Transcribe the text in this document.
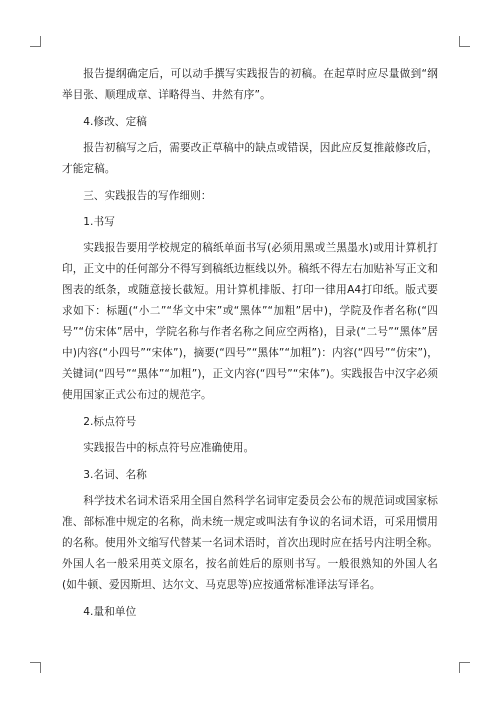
报告提纲确定后，可以动手撰写实践报告的初稿。在起草时应尽量做到“纲举目张、顺理成章、详略得当、井然有序”。

4.修改、定稿

报告初稿写之后，需要改正草稿中的缺点或错误，因此应反复推敲修改后，才能定稿。

三、实践报告的写作细则：

1.书写

实践报告要用学校规定的稿纸单面书写(必须用黑或兰黑墨水)或用计算机打印，正文中的任何部分不得写到稿纸边框线以外。稿纸不得左右加贴补写正文和图表的纸条，或随意接长截短。用计算机排版、打印一律用A4打印纸。版式要求如下：标题(“小二”“华文中宋”或“黑体”“加粗”居中)，学院及作者名称(“四号”“仿宋体”居中，学院名称与作者名称之间应空两格)，目录(“二号”“黑体”居中)内容(“小四号”“宋体”)，摘要(“四号”“黑体”“加粗”)：内容(“四号”“仿宋”)，关键词(“四号”“黑体”“加粗”)，正文内容(“四号”“宋体”)。实践报告中汉字必须使用国家正式公布过的规范字。

2.标点符号

实践报告中的标点符号应准确使用。

3.名词、名称

科学技术名词术语采用全国自然科学名词审定委员会公布的规范词或国家标准、部标准中规定的名称，尚未统一规定或叫法有争议的名词术语，可采用惯用的名称。使用外文缩写代替某一名词术语时，首次出现时应在括号内注明全称。外国人名一般采用英文原名，按名前姓后的原则书写。一般很熟知的外国人名(如牛顿、爱因斯坦、达尔文、马克思等)应按通常标准译法写译名。

4.量和单位
